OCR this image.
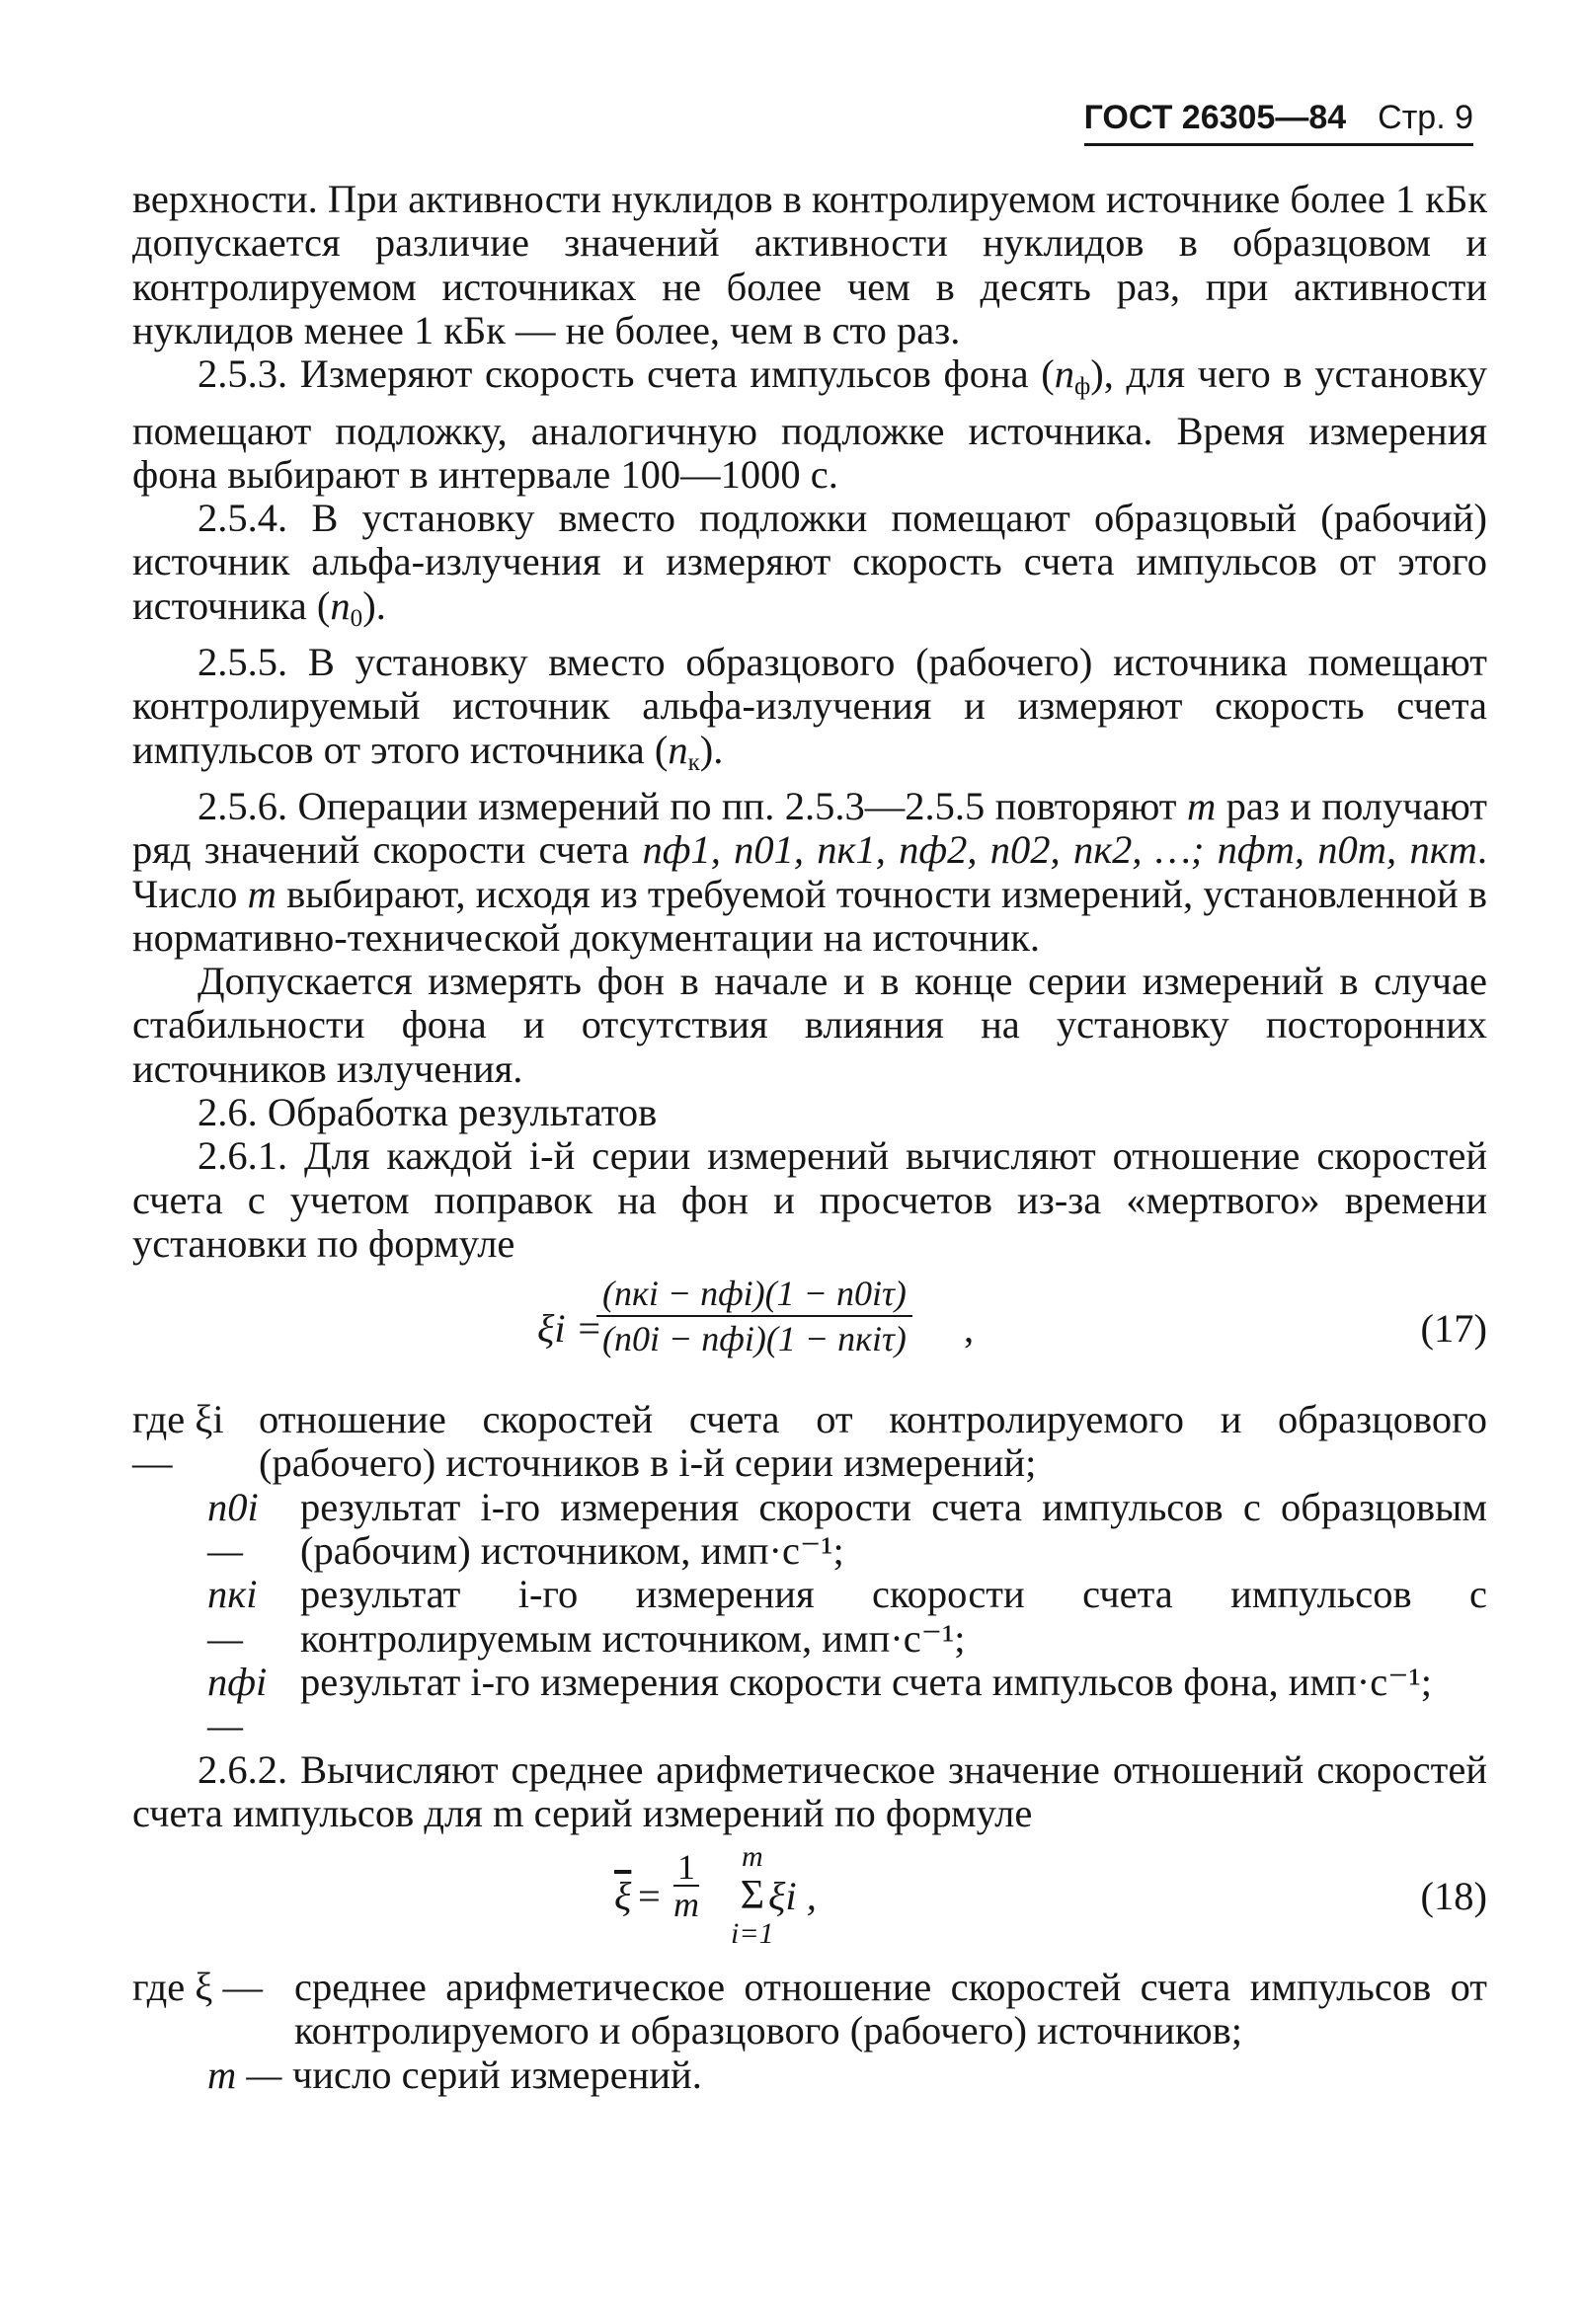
ГОСТ 26305—84 Стр. 9

верхности. При активности нуклидов в контролируемом источнике более 1 кБк допускается различие значений активности нуклидов в образцовом и контролируемом источниках не более чем в десять раз, при активности нуклидов менее 1 кБк — не более, чем в сто раз.

2.5.3. Измеряют скорость счета импульсов фона $(n_ф)$, для чего в установку помещают подложку, аналогичную подложке источника. Время измерения фона выбирают в интервале 100—1000 с.

2.5.4. В установку вместо подложки помещают образцовый (рабочий) источник альфа-излучения и измеряют скорость счета импульсов от этого источника $(n_0)$.

2.5.5. В установку вместо образцового (рабочего) источника помещают контролируемый источник альфа-излучения и измеряют скорость счета импульсов от этого источника $(n_к)$.

2.5.6. Операции измерений по пп. 2.5.3—2.5.5 повторяют m раз и получают ряд значений скорости счета nф1, n01, nк1, nф2, n02, nк2, …; nфm, n0m, nкm. Число m выбирают, исходя из требуемой точности измерений, установленной в нормативно-технической документации на источник.

Допускается измерять фон в начале и в конце серии измерений в случае стабильности фона и отсутствия влияния на установку посторонних источников излучения.

2.6. Обработка результатов

2.6.1. Для каждой i-й серии измерений вычисляют отношение скоростей счета с учетом поправок на фон и просчетов из-за «мертвого» времени установки по формуле

ξi =
(nкi − nфi)(1 − n0iτ)
(n0i − nфi)(1 − nкiτ) ,	(17)
где ξi —
отношение скоростей счета от контролируемого и образцового (рабочего) источников в i-й серии измерений;
n0i —
результат i-го измерения скорости счета импульсов с образцовым (рабочим) источником, имп·с⁻¹;
nкi —
результат i-го измерения скорости счета импульсов с контролируемым источником, имп·с⁻¹;
nфi —
результат i-го измерения скорости счета импульсов фона, имп·с⁻¹;

2.6.2. Вычисляют среднее арифметическое значение отношений скоростей счета импульсов для m серий измерений по формуле

$\overline{\xi} = \frac{1}{m}$	m
Σ
i=1
ξi ,	(18)
где ξ — среднее арифметическое отношение скоростей счета импульсов от контролируемого и образцового (рабочего) источников;
m — число серий измерений.
